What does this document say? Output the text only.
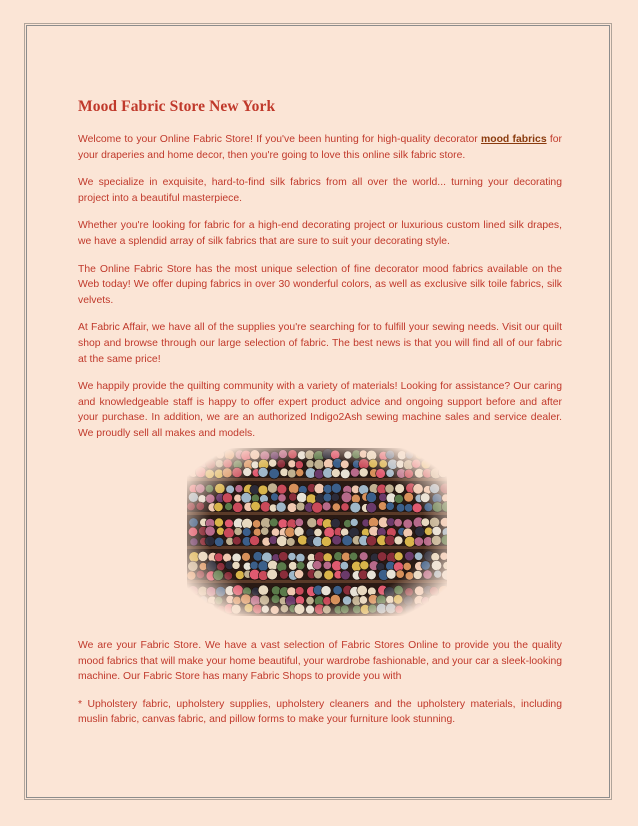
Mood Fabric Store New York

Welcome to your Online Fabric Store! If you've been hunting for high-quality decorator mood fabrics for your draperies and home decor, then you're going to love this online silk fabric store.

We specialize in exquisite, hard-to-find silk fabrics from all over the world... turning your decorating project into a beautiful masterpiece.

Whether you're looking for fabric for a high-end decorating project or luxurious custom lined silk drapes, we have a splendid array of silk fabrics that are sure to suit your decorating style.

The Online Fabric Store has the most unique selection of fine decorator mood fabrics available on the Web today! We offer duping fabrics in over 30 wonderful colors, as well as exclusive silk toile fabrics, silk velvets.

At Fabric Affair, we have all of the supplies you're searching for to fulfill your sewing needs. Visit our quilt shop and browse through our large selection of fabric. The best news is that you will find all of our fabric at the same price!

We happily provide the quilting community with a variety of materials! Looking for assistance? Our caring and knowledgeable staff is happy to offer expert product advice and ongoing support before and after your purchase. In addition, we are an authorized Indigo2Ash sewing machine sales and service dealer. We proudly sell all makes and models.

We are your Fabric Store. We have a vast selection of Fabric Stores Online to provide you the quality mood fabrics that will make your home beautiful, your wardrobe fashionable, and your car a sleek-looking machine. Our Fabric Store has many Fabric Shops to provide you with

* Upholstery fabric, upholstery supplies, upholstery cleaners and the upholstery materials, including muslin fabric, canvas fabric, and pillow forms to make your furniture look stunning.
